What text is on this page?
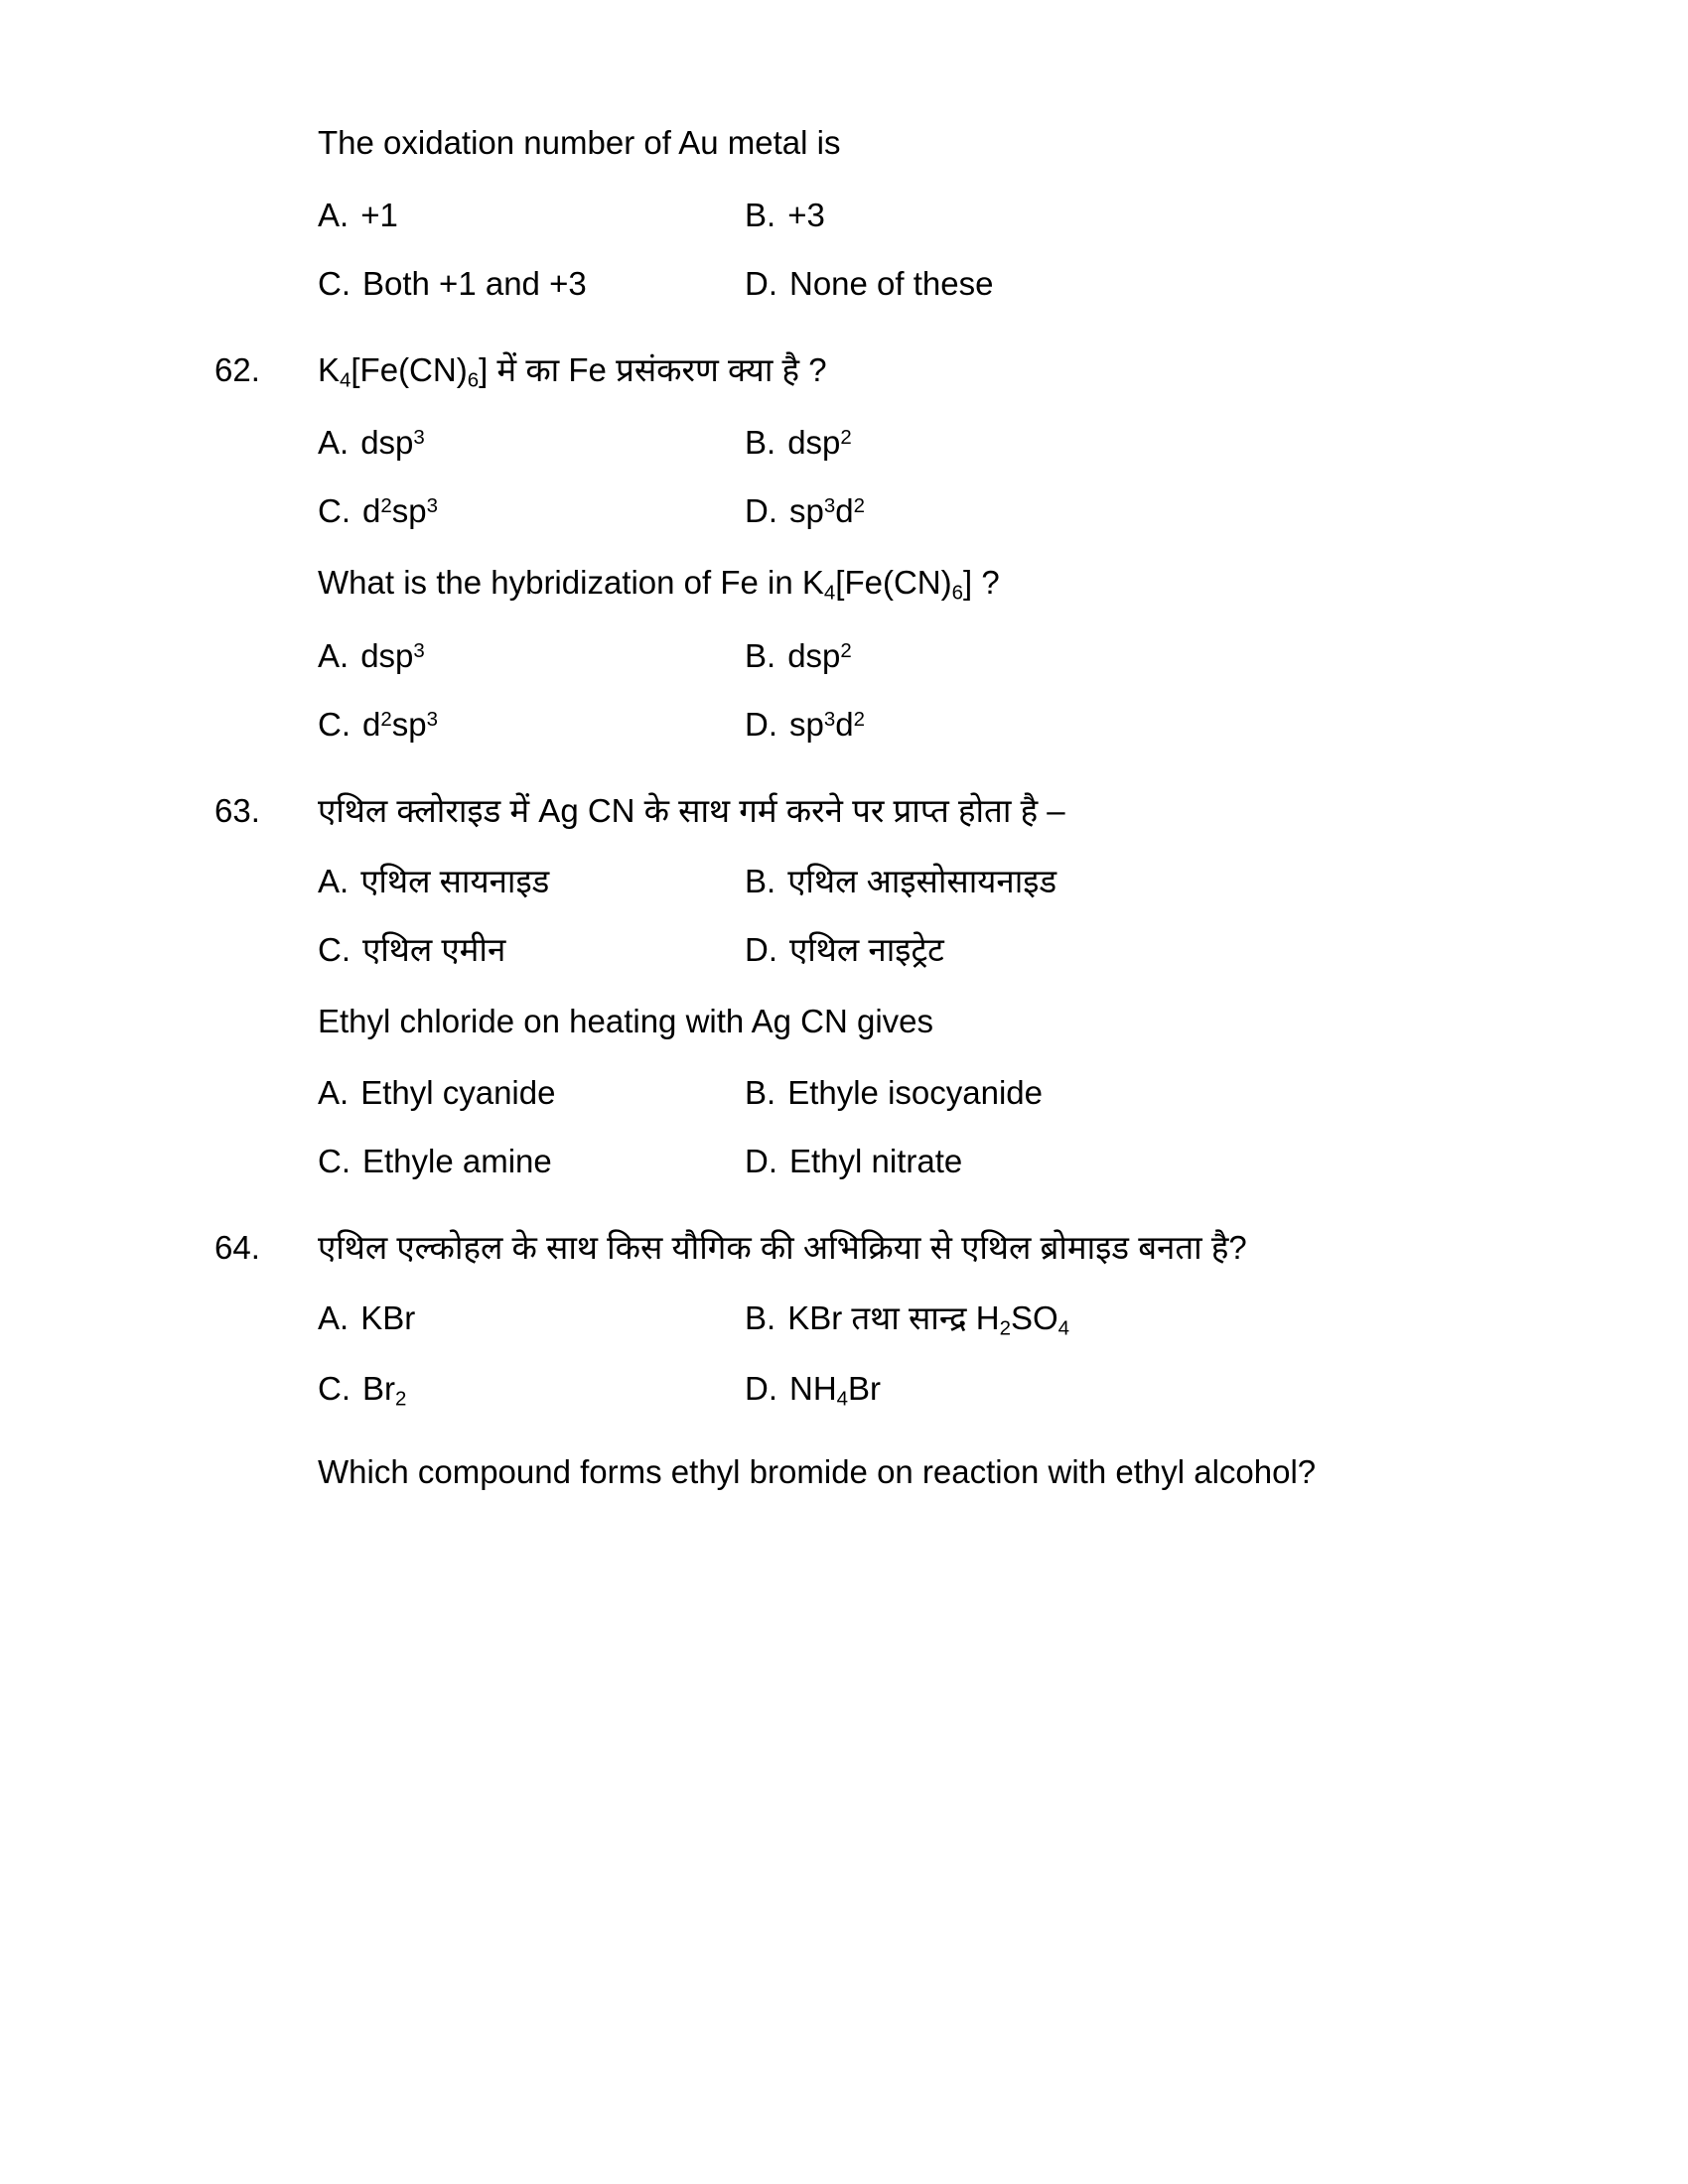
The oxidation number of Au metal is
A. +1	B. +3
C. Both +1 and +3	D. None of these
62.	$K_4[Fe(CN)_6]$ में का Fe प्रसंकरण क्या है ?
A. dsp$^3$	B. dsp$^2$
C. $d^2sp^3$	D. $sp^3d^2$
What is the hybridization of Fe in $K_4[Fe(CN)_6]$ ?
A. dsp$^3$	B. dsp$^2$
C. $d^2sp^3$	D. $sp^3d^2$
63.	एथिल क्लोराइड में Ag CN के साथ गर्म करने पर प्राप्त होता है –
A. एथिल सायनाइड	B. एथिल आइसोसायनाइड
C. एथिल एमीन	D. एथिल नाइट्रेट
Ethyl chloride on heating with Ag CN gives
A. Ethyl cyanide	B. Ethyle isocyanide
C. Ethyle amine	D. Ethyl nitrate
64.	एथिल एल्कोहल के साथ किस यौगिक की अभिक्रिया से एथिल ब्रोमाइड बनता है?
A. KBr	B. KBr तथा सान्द्र $H_2SO_4$
C. $Br_2$	D. $NH_4Br$
Which compound forms ethyl bromide on reaction with ethyl alcohol?
